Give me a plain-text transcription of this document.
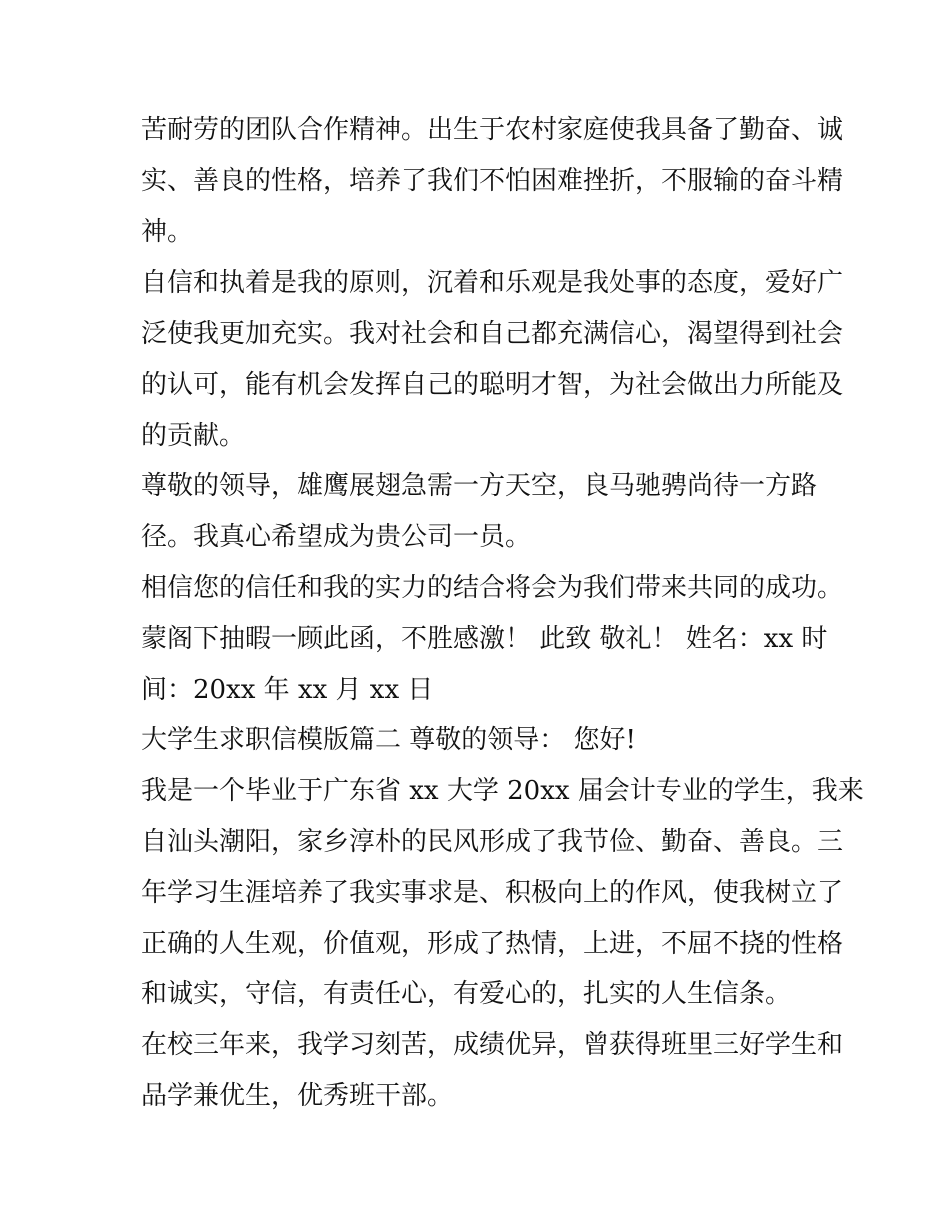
苦耐劳的团队合作精神。出生于农村家庭使我具备了勤奋、诚
实、善良的性格，培养了我们不怕困难挫折，不服输的奋斗精
神。
自信和执着是我的原则，沉着和乐观是我处事的态度，爱好广
泛使我更加充实。我对社会和自己都充满信心，渴望得到社会
的认可，能有机会发挥自己的聪明才智，为社会做出力所能及
的贡献。
尊敬的领导，雄鹰展翅急需一方天空，良马驰骋尚待一方路
径。我真心希望成为贵公司一员。
相信您的信任和我的实力的结合将会为我们带来共同的成功。
蒙阁下抽暇一顾此函，不胜感激！ 此致 敬礼！ 姓名：xx 时
间：20xx 年 xx 月 xx 日
大学生求职信模版篇二 尊敬的领导： 您好!
我是一个毕业于广东省 xx 大学 20xx 届会计专业的学生，我来
自汕头潮阳，家乡淳朴的民风形成了我节俭、勤奋、善良。三
年学习生涯培养了我实事求是、积极向上的作风，使我树立了
正确的人生观，价值观，形成了热情，上进，不屈不挠的性格
和诚实，守信，有责任心，有爱心的，扎实的人生信条。
在校三年来，我学习刻苦，成绩优异，曾获得班里三好学生和
品学兼优生，优秀班干部。
